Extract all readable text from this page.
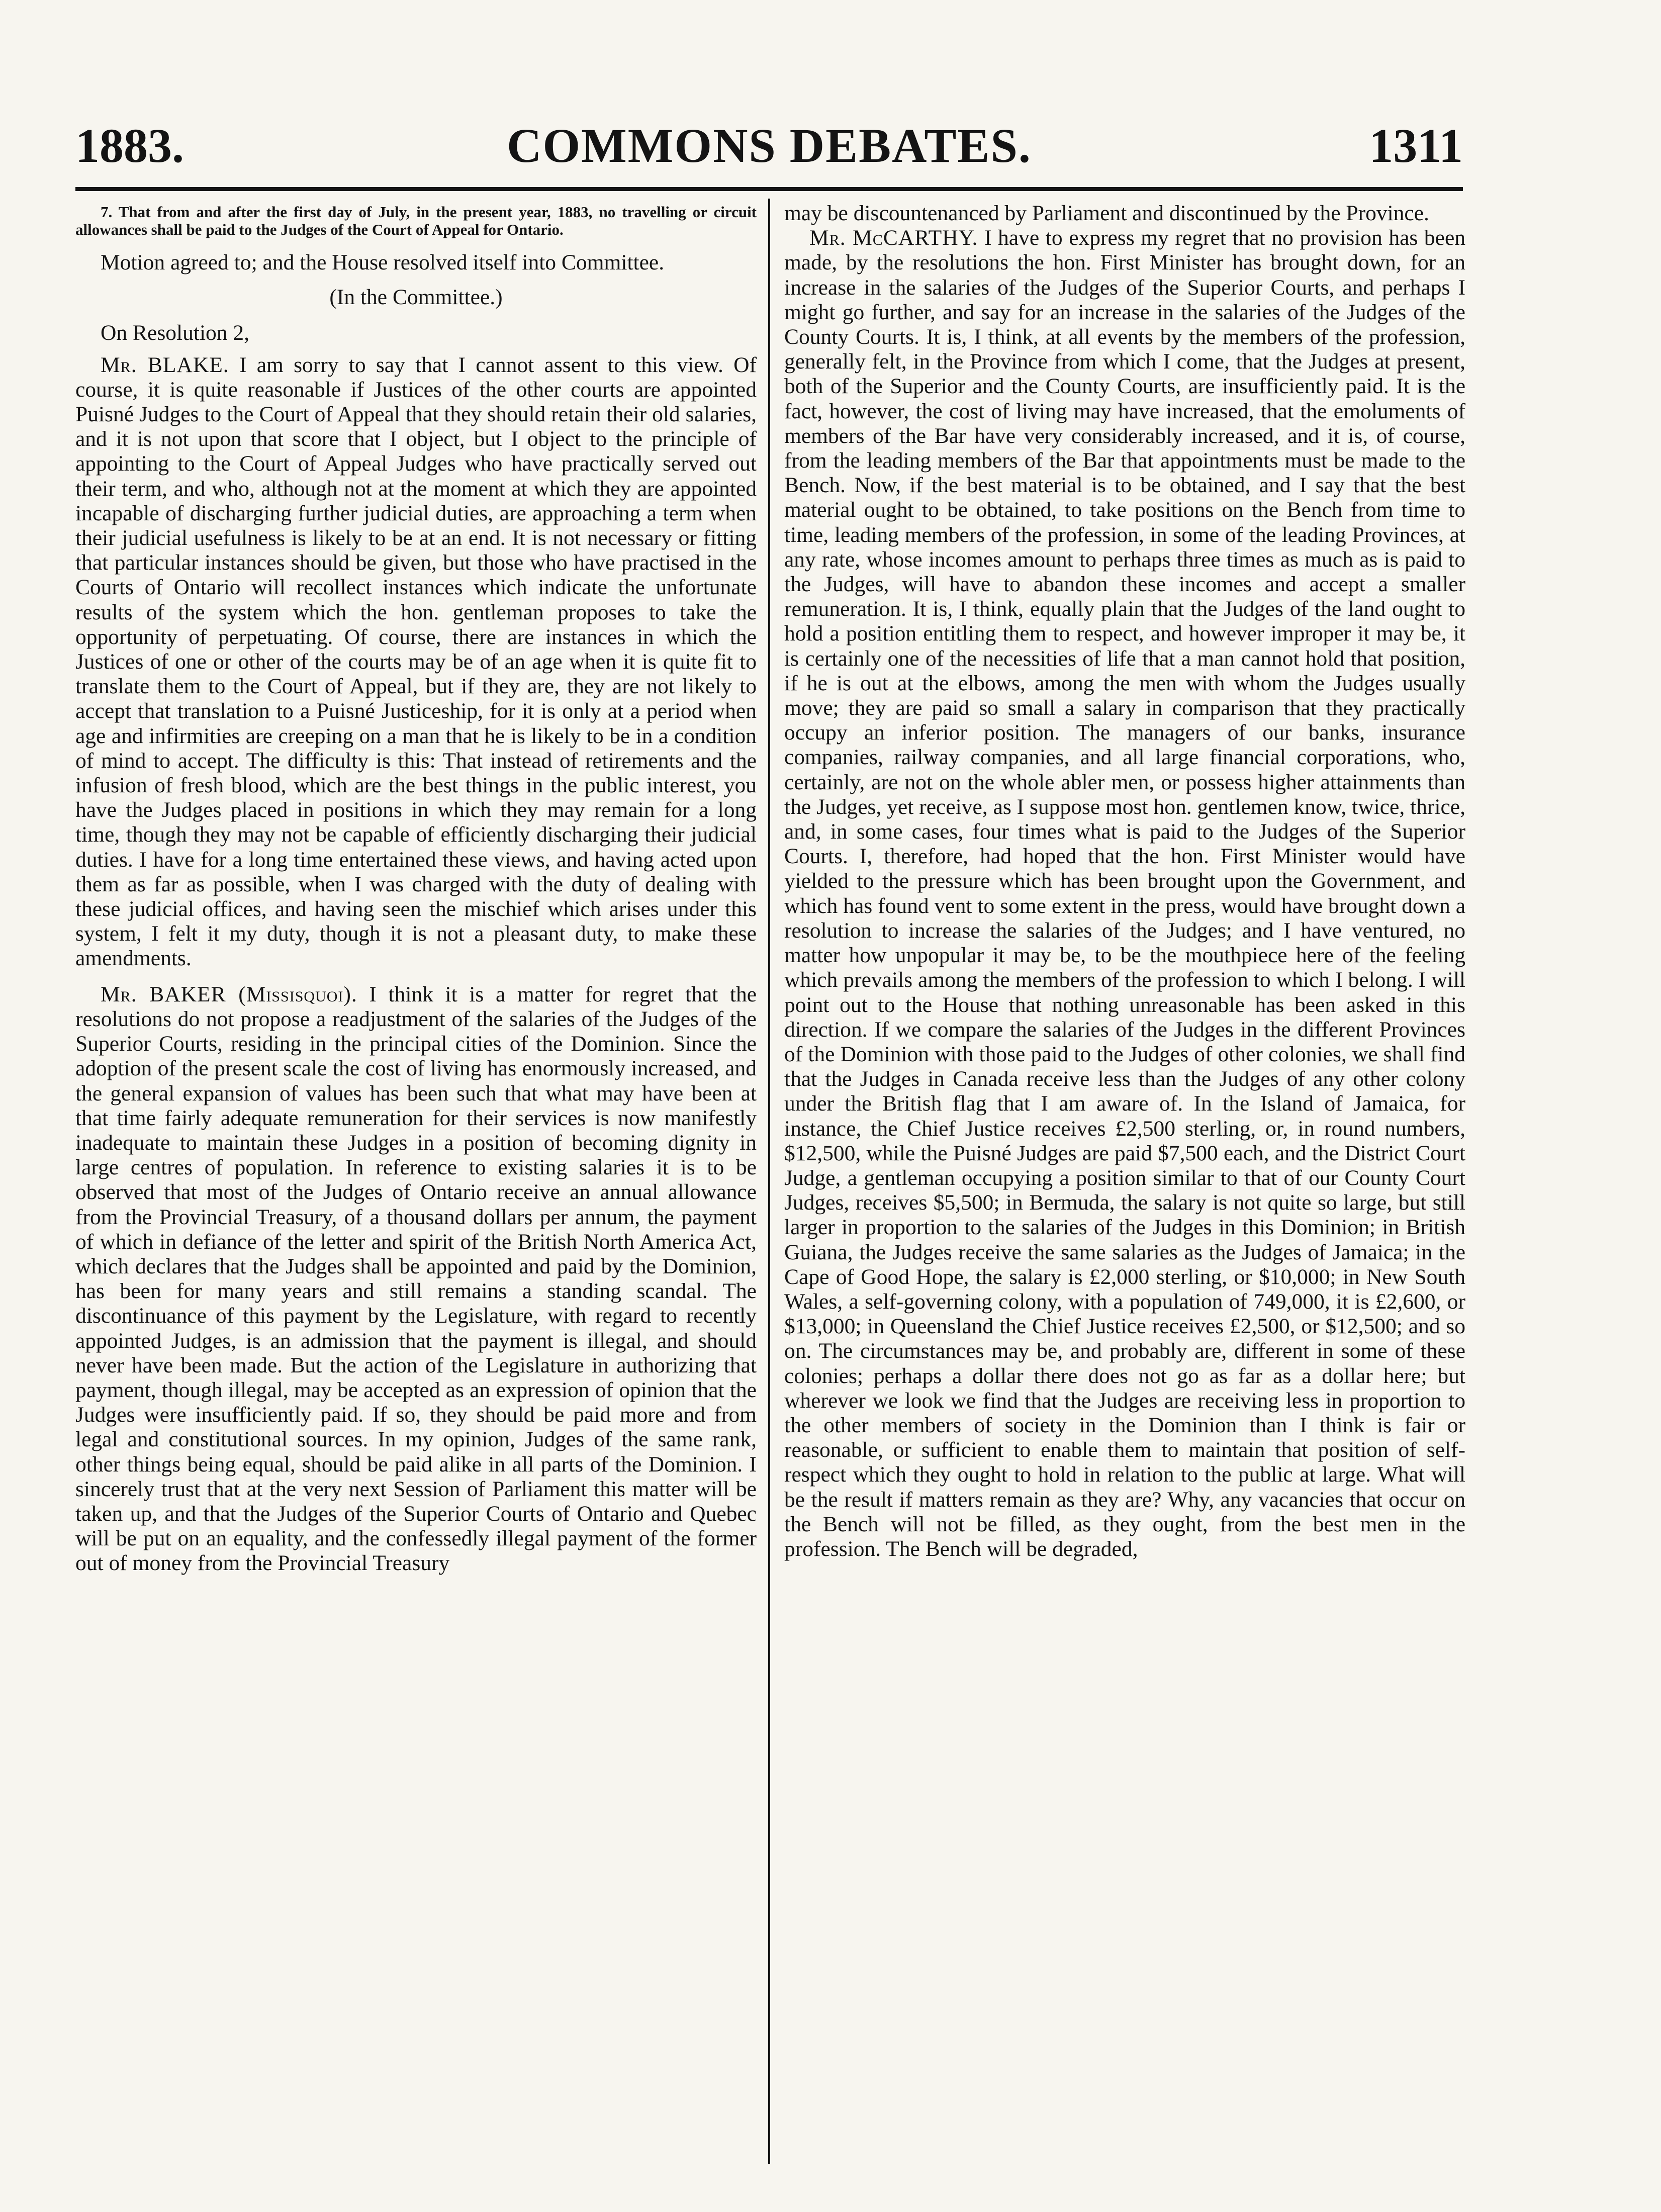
1883.	COMMONS DEBATES.	1311

7. That from and after the first day of July, in the present year, 1883, no travelling or circuit allowances shall be paid to the Judges of the Court of Appeal for Ontario.

Motion agreed to; and the House resolved itself into Committee.

(In the Committee.)

On Resolution 2,

Mr. BLAKE. I am sorry to say that I cannot assent to this view. Of course, it is quite reasonable if Justices of the other courts are appointed Puisné Judges to the Court of Appeal that they should retain their old salaries, and it is not upon that score that I object, but I object to the principle of appointing to the Court of Appeal Judges who have practically served out their term, and who, although not at the moment at which they are appointed incapable of discharging further judicial duties, are approaching a term when their judicial usefulness is likely to be at an end. It is not necessary or fitting that particular instances should be given, but those who have practised in the Courts of Ontario will recollect instances which indicate the unfortunate results of the system which the hon. gentleman proposes to take the opportunity of perpetuating. Of course, there are instances in which the Justices of one or other of the courts may be of an age when it is quite fit to translate them to the Court of Appeal, but if they are, they are not likely to accept that translation to a Puisné Justiceship, for it is only at a period when age and infirmities are creeping on a man that he is likely to be in a condition of mind to accept. The difficulty is this: That instead of retirements and the infusion of fresh blood, which are the best things in the public interest, you have the Judges placed in positions in which they may remain for a long time, though they may not be capable of efficiently discharging their judicial duties. I have for a long time entertained these views, and having acted upon them as far as possible, when I was charged with the duty of dealing with these judicial offices, and having seen the mischief which arises under this system, I felt it my duty, though it is not a pleasant duty, to make these amendments.

Mr. BAKER (Missisquoi). I think it is a matter for regret that the resolutions do not propose a readjustment of the salaries of the Judges of the Superior Courts, residing in the principal cities of the Dominion. Since the adoption of the present scale the cost of living has enormously increased, and the general expansion of values has been such that what may have been at that time fairly adequate remuneration for their services is now manifestly inadequate to maintain these Judges in a position of becoming dignity in large centres of population. In reference to existing salaries it is to be observed that most of the Judges of Ontario receive an annual allowance from the Provincial Treasury, of a thousand dollars per annum, the payment of which in defiance of the letter and spirit of the British North America Act, which declares that the Judges shall be appointed and paid by the Dominion, has been for many years and still remains a standing scandal. The discontinuance of this payment by the Legislature, with regard to recently appointed Judges, is an admission that the payment is illegal, and should never have been made. But the action of the Legislature in authorizing that payment, though illegal, may be accepted as an expression of opinion that the Judges were insufficiently paid. If so, they should be paid more and from legal and constitutional sources. In my opinion, Judges of the same rank, other things being equal, should be paid alike in all parts of the Dominion. I sincerely trust that at the very next Session of Parliament this matter will be taken up, and that the Judges of the Superior Courts of Ontario and Quebec will be put on an equality, and the confessedly illegal payment of the former out of money from the Provincial Treasury

may be discountenanced by Parliament and discontinued by the Province.

Mr. McCARTHY. I have to express my regret that no provision has been made, by the resolutions the hon. First Minister has brought down, for an increase in the salaries of the Judges of the Superior Courts, and perhaps I might go further, and say for an increase in the salaries of the Judges of the County Courts. It is, I think, at all events by the members of the profession, generally felt, in the Province from which I come, that the Judges at present, both of the Superior and the County Courts, are insufficiently paid. It is the fact, however, the cost of living may have increased, that the emoluments of members of the Bar have very considerably increased, and it is, of course, from the leading members of the Bar that appointments must be made to the Bench. Now, if the best material is to be obtained, and I say that the best material ought to be obtained, to take positions on the Bench from time to time, leading members of the profession, in some of the leading Provinces, at any rate, whose incomes amount to perhaps three times as much as is paid to the Judges, will have to abandon these incomes and accept a smaller remuneration. It is, I think, equally plain that the Judges of the land ought to hold a position entitling them to respect, and however improper it may be, it is certainly one of the necessities of life that a man cannot hold that position, if he is out at the elbows, among the men with whom the Judges usually move; they are paid so small a salary in comparison that they practically occupy an inferior position. The managers of our banks, insurance companies, railway companies, and all large financial corporations, who, certainly, are not on the whole abler men, or possess higher attainments than the Judges, yet receive, as I suppose most hon. gentlemen know, twice, thrice, and, in some cases, four times what is paid to the Judges of the Superior Courts. I, therefore, had hoped that the hon. First Minister would have yielded to the pressure which has been brought upon the Government, and which has found vent to some extent in the press, would have brought down a resolution to increase the salaries of the Judges; and I have ventured, no matter how unpopular it may be, to be the mouthpiece here of the feeling which prevails among the members of the profession to which I belong. I will point out to the House that nothing unreasonable has been asked in this direction. If we compare the salaries of the Judges in the different Provinces of the Dominion with those paid to the Judges of other colonies, we shall find that the Judges in Canada receive less than the Judges of any other colony under the British flag that I am aware of. In the Island of Jamaica, for instance, the Chief Justice receives £2,500 sterling, or, in round numbers, $12,500, while the Puisné Judges are paid $7,500 each, and the District Court Judge, a gentleman occupying a position similar to that of our County Court Judges, receives $5,500; in Bermuda, the salary is not quite so large, but still larger in proportion to the salaries of the Judges in this Dominion; in British Guiana, the Judges receive the same salaries as the Judges of Jamaica; in the Cape of Good Hope, the salary is £2,000 sterling, or $10,000; in New South Wales, a self-governing colony, with a population of 749,000, it is £2,600, or $13,000; in Queensland the Chief Justice receives £2,500, or $12,500; and so on. The circumstances may be, and probably are, different in some of these colonies; perhaps a dollar there does not go as far as a dollar here; but wherever we look we find that the Judges are receiving less in proportion to the other members of society in the Dominion than I think is fair or reasonable, or sufficient to enable them to maintain that position of self-respect which they ought to hold in relation to the public at large. What will be the result if matters remain as they are? Why, any vacancies that occur on the Bench will not be filled, as they ought, from the best men in the profession. The Bench will be degraded,
